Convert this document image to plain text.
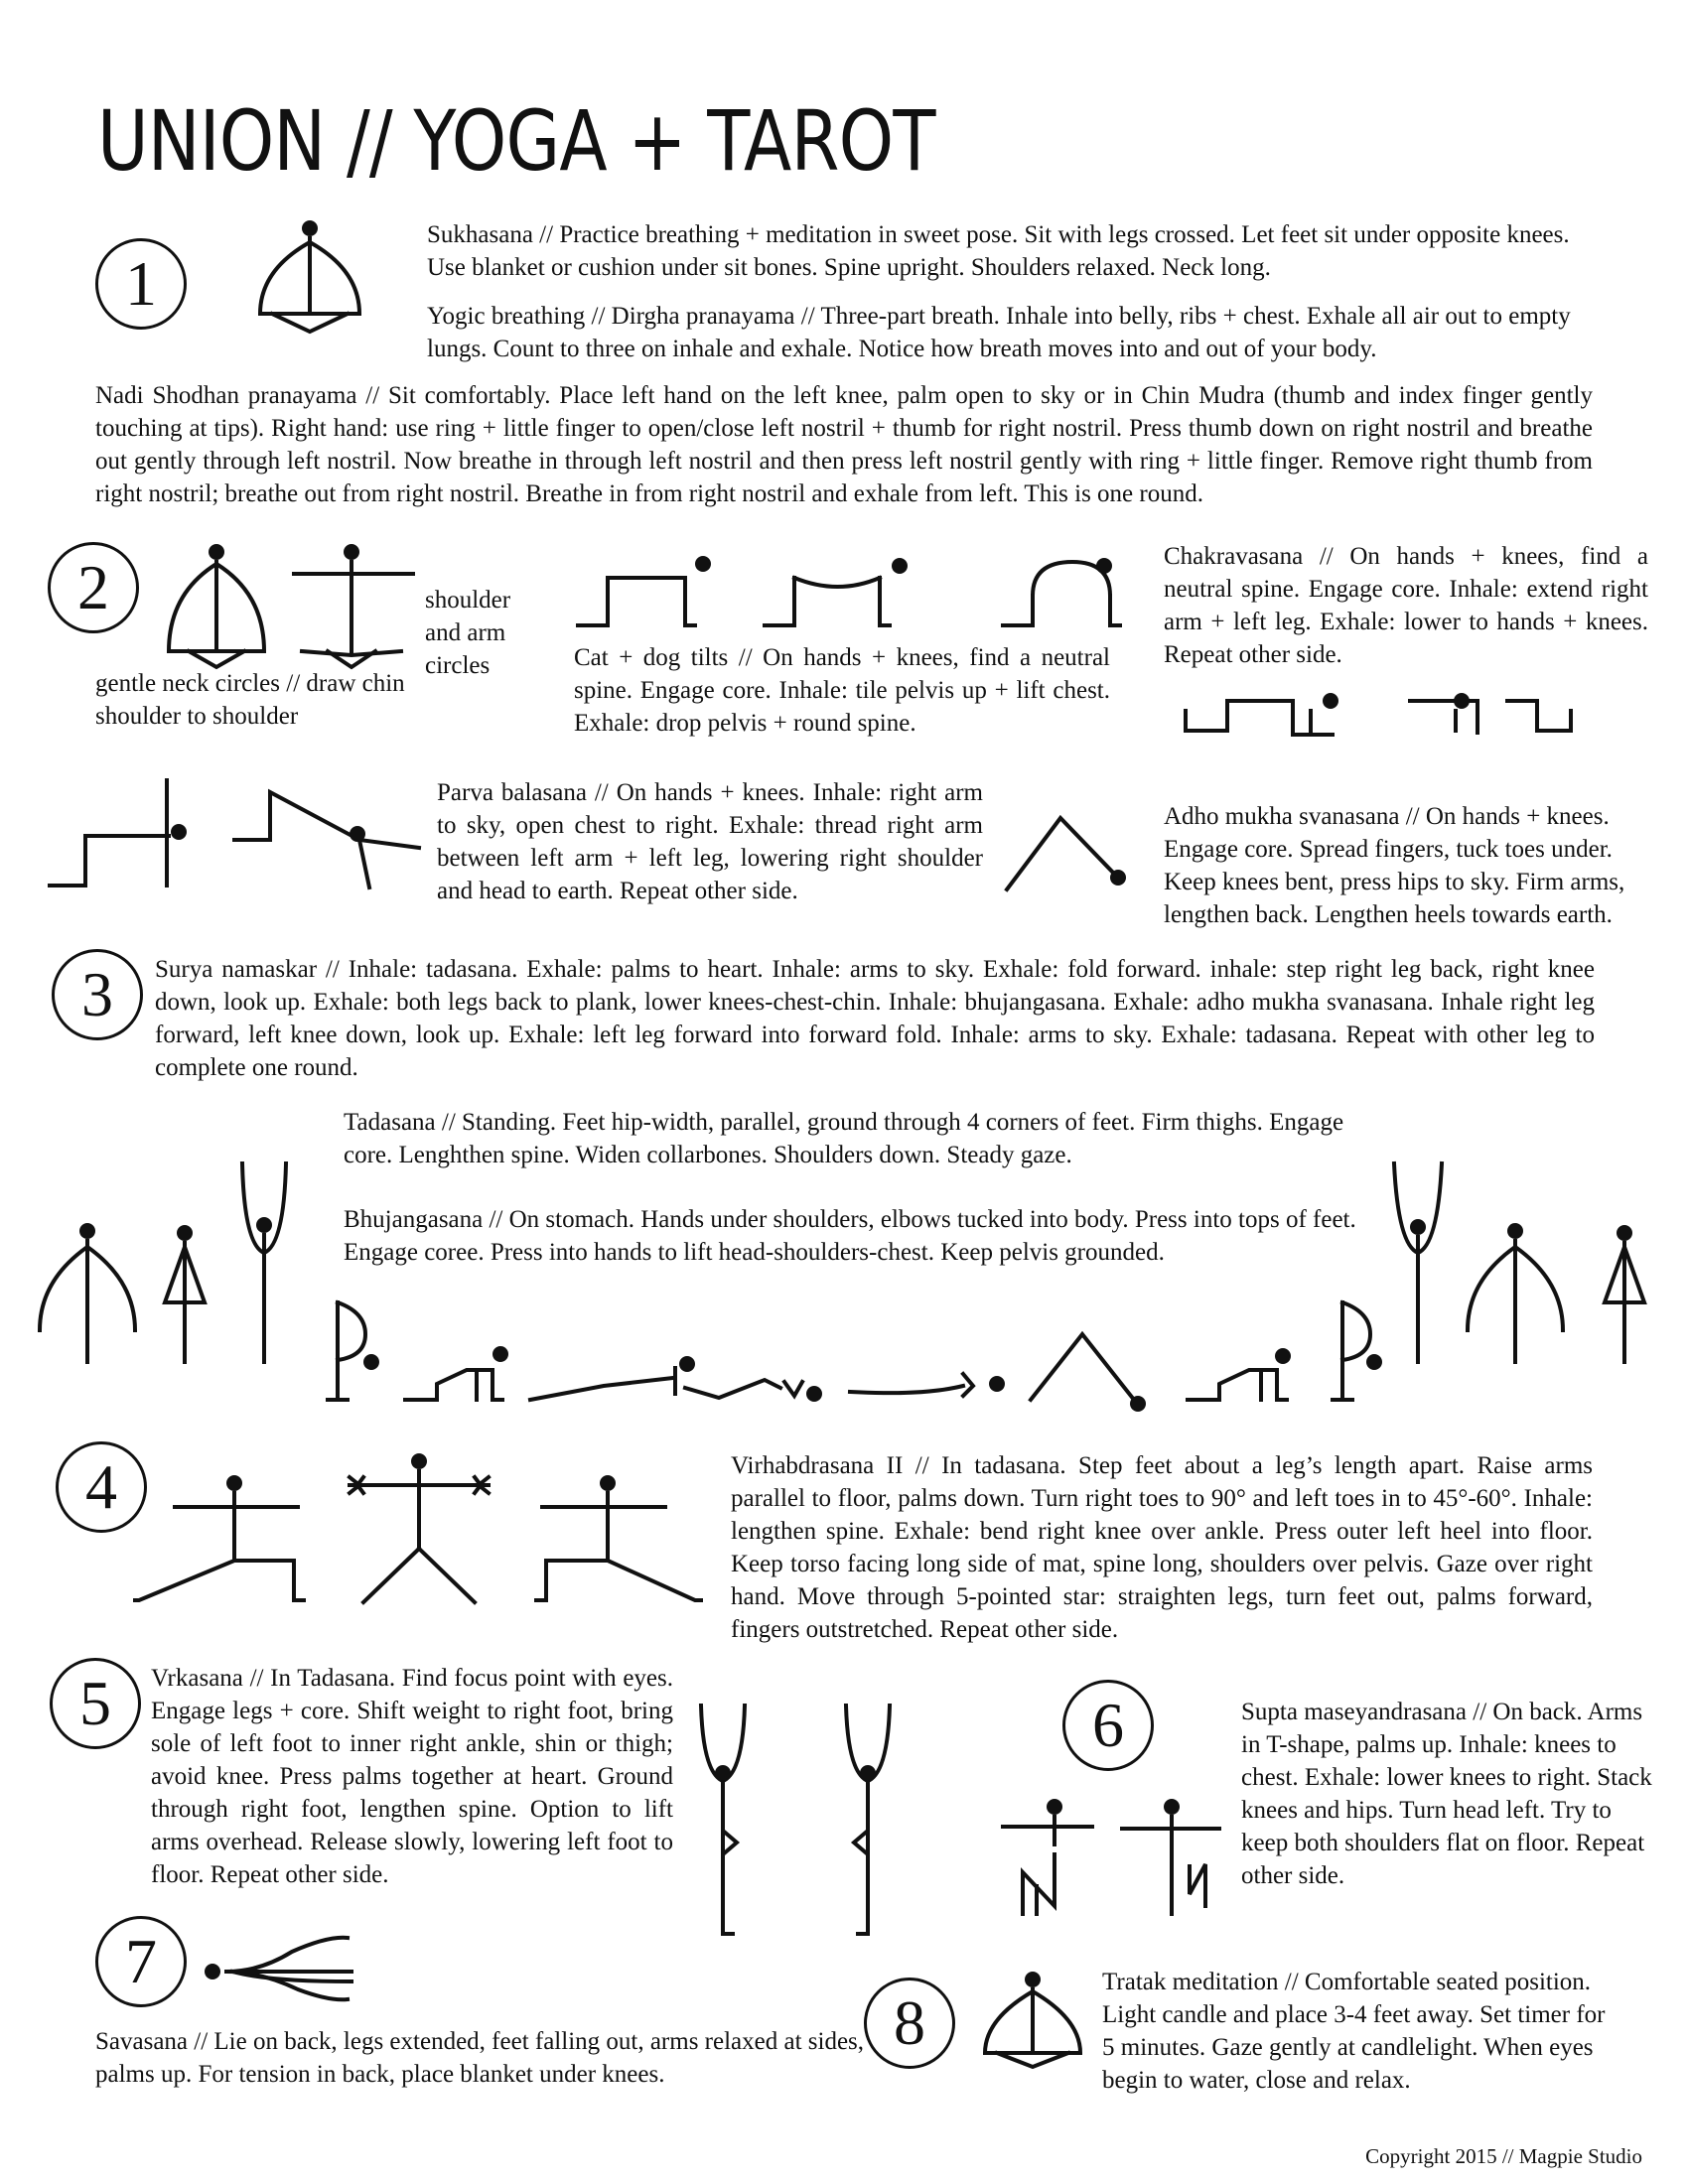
UNION // YOGA + TAROT
1
2
3
4
5	6
7
8

Sukhasana // Practice breathing + meditation in sweet pose. Sit with legs crossed. Let feet sit under opposite knees. Use blanket or cushion under sit bones. Spine upright. Shoulders relaxed. Neck long.

Yogic breathing // Dirgha pranayama // Three-part breath. Inhale into belly, ribs + chest. Exhale all air out to empty lungs. Count to three on inhale and exhale. Notice how breath moves into and out of your body.

Nadi Shodhan pranayama // Sit comfortably. Place left hand on the left knee, palm open to sky or in Chin Mudra (thumb and index finger gently touching at tips). Right hand: use ring + little finger to open/close left nostril + thumb for right nostril. Press thumb down on right nostril and breathe out gently through left nostril. Now breathe in through left nostril and then press left nostril gently with ring + little finger. Remove right thumb from right nostril; breathe out from right nostril. Breathe in from right nostril and exhale from left. This is one round.

gentle neck circles // draw chin shoulder to shoulder

shoulder and arm circles	Cat + dog tilts // On hands + knees, find a neutral spine. Engage core. Inhale: tile pelvis up + lift chest. Exhale: drop pelvis + round spine.

Chakravasana // On hands + knees, find a neutral spine. Engage core. Inhale: extend right arm + left leg. Exhale: lower to hands + knees. Repeat other side.

Parva balasana // On hands + knees. Inhale: right arm to sky, open chest to right. Exhale: thread right arm between left arm + left leg, lowering right shoulder and head to earth. Repeat other side.

Adho mukha svanasana // On hands + knees. Engage core. Spread fingers, tuck toes under. Keep knees bent, press hips to sky. Firm arms, lengthen back. Lengthen heels towards earth.

Surya namaskar // Inhale: tadasana. Exhale: palms to heart. Inhale: arms to sky. Exhale: fold forward. inhale: step right leg back, right knee down, look up. Exhale: both legs back to plank, lower knees-chest-chin. Inhale: bhujangasana. Exhale: adho mukha svanasana. Inhale right leg forward, left knee down, look up. Exhale: left leg forward into forward fold. Inhale: arms to sky. Exhale: tadasana. Repeat with other leg to complete one round.

Tadasana // Standing. Feet hip-width, parallel, ground through 4 corners of feet. Firm thighs. Engage core. Lenghthen spine. Widen collarbones. Shoulders down. Steady gaze.

Bhujangasana // On stomach. Hands under shoulders, elbows tucked into body. Press into tops of feet. Engage coree. Press into hands to lift head-shoulders-chest. Keep pelvis grounded.

Virhabdrasana II // In tadasana. Step feet about a leg’s length apart. Raise arms parallel to floor, palms down. Turn right toes to 90° and left toes in to 45°-60°. Inhale: lengthen spine. Exhale: bend right knee over ankle. Press outer left heel into floor. Keep torso facing long side of mat, spine long, shoulders over pelvis. Gaze over right hand. Move through 5-pointed star: straighten legs, turn feet out, palms forward, fingers outstretched. Repeat other side.

Vrkasana // In Tadasana. Find focus point with eyes. Engage legs + core. Shift weight to right foot, bring sole of left foot to inner right ankle, shin or thigh; avoid knee. Press palms together at heart. Ground through right foot, lengthen spine. Option to lift arms overhead. Release slowly, lowering left foot to floor. Repeat other side.

Supta maseyandrasana // On back. Arms in T-shape, palms up. Inhale: knees to chest. Exhale: lower knees to right. Stack knees and hips. Turn head left. Try to keep both shoulders flat on floor. Repeat other side.

Savasana // Lie on back, legs extended, feet falling out, arms relaxed at sides, palms up. For tension in back, place blanket under knees.

Tratak meditation // Comfortable seated position. Light candle and place 3-4 feet away. Set timer for 5 minutes. Gaze gently at candlelight. When eyes begin to water, close and relax.

Copyright 2015 // Magpie Studio
